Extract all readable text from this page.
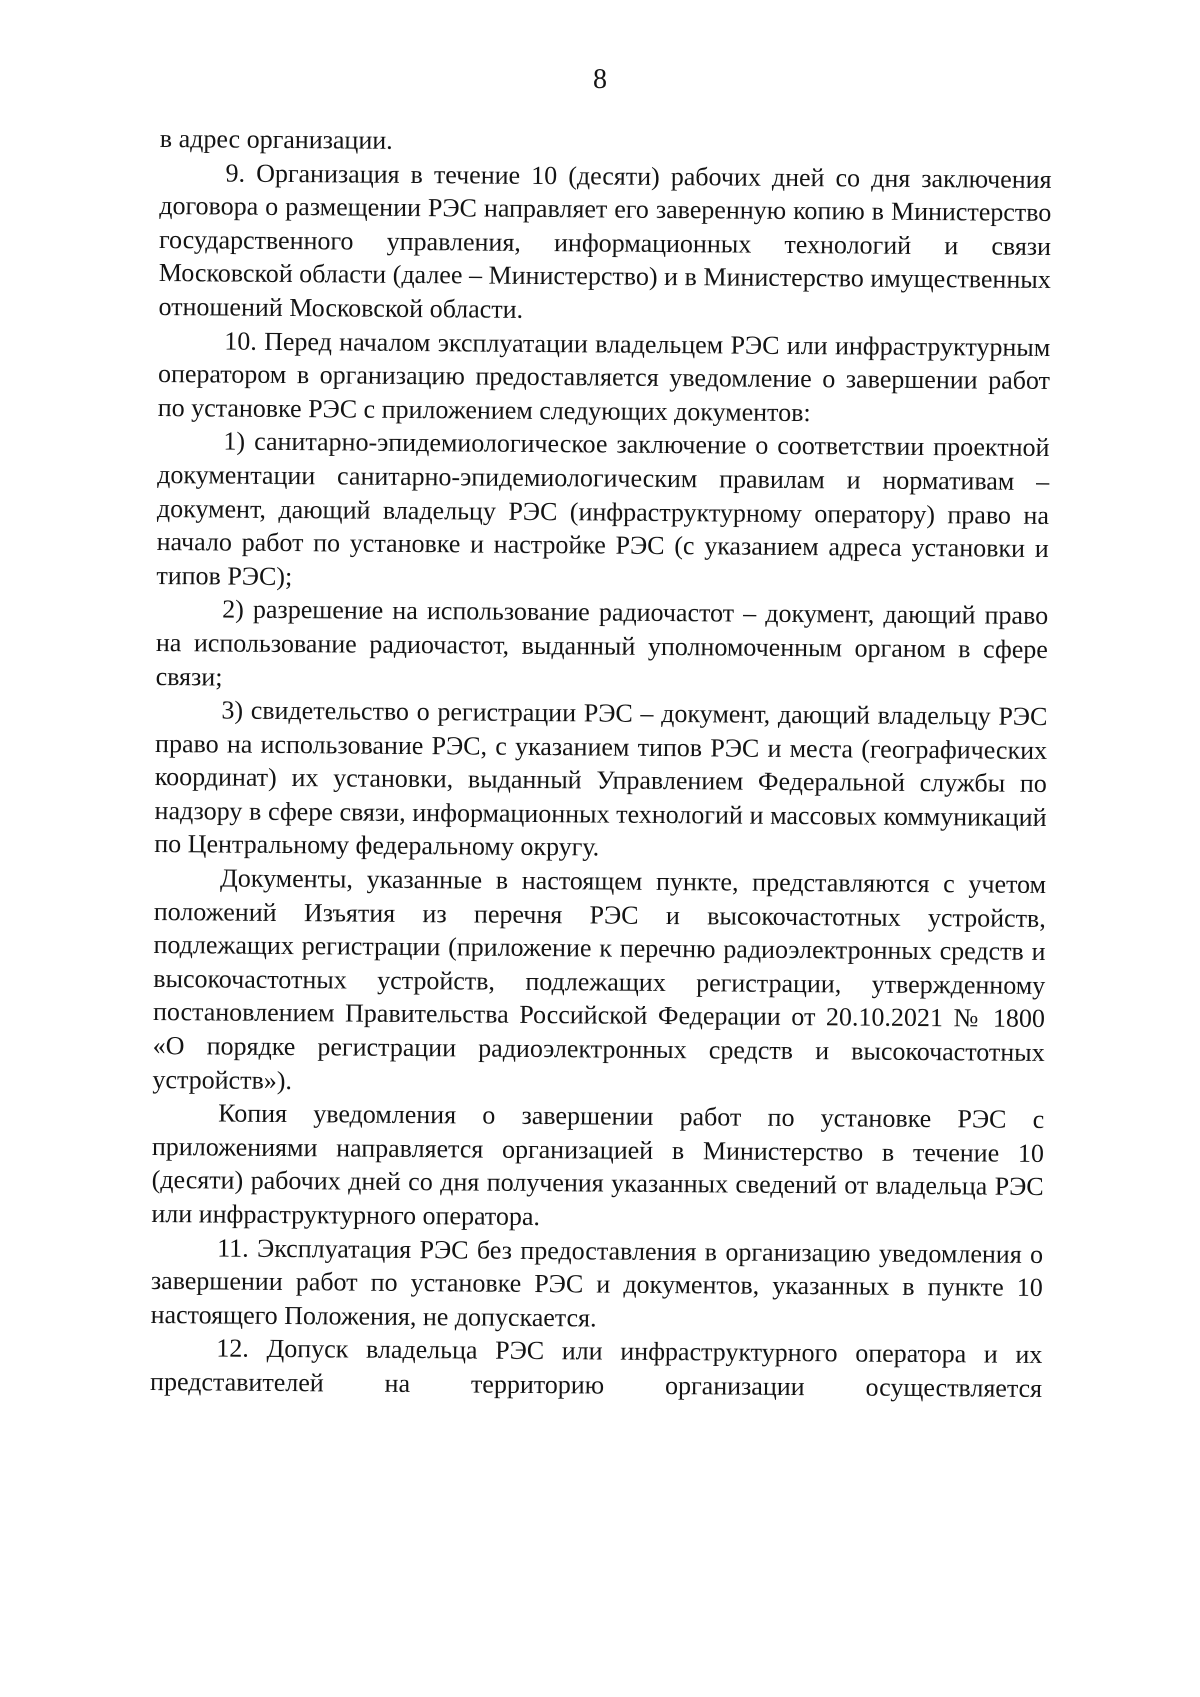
8

в адрес организации.

9. Организация в течение 10 (десяти) рабочих дней со дня заключения договора о размещении РЭС направляет его заверенную копию в Министерство государственного управления, информационных технологий и связи Московской области (далее – Министерство) и в Министерство имущественных отношений Московской области.

10. Перед началом эксплуатации владельцем РЭС или инфраструктурным оператором в организацию предоставляется уведомление о завершении работ по установке РЭС с приложением следующих документов:

1) санитарно-эпидемиологическое заключение о соответствии проектной документации санитарно-эпидемиологическим правилам и нормативам – документ, дающий владельцу РЭС (инфраструктурному оператору) право на начало работ по установке и настройке РЭС (с указанием адреса установки и типов РЭС);

2) разрешение на использование радиочастот – документ, дающий право на использование радиочастот, выданный уполномоченным органом в сфере связи;

3) свидетельство о регистрации РЭС – документ, дающий владельцу РЭС право на использование РЭС, с указанием типов РЭС и места (географических координат) их установки, выданный Управлением Федеральной службы по надзору в сфере связи, информационных технологий и массовых коммуникаций по Центральному федеральному округу.

Документы, указанные в настоящем пункте, представляются с учетом положений Изъятия из перечня РЭС и высокочастотных устройств, подлежащих регистрации (приложение к перечню радиоэлектронных средств и высокочастотных устройств, подлежащих регистрации, утвержденному постановлением Правительства Российской Федерации от 20.10.2021 № 1800 «О порядке регистрации радиоэлектронных средств и высокочастотных устройств»).

Копия уведомления о завершении работ по установке РЭС с приложениями направляется организацией в Министерство в течение 10 (десяти) рабочих дней со дня получения указанных сведений от владельца РЭС или инфраструктурного оператора.

11. Эксплуатация РЭС без предоставления в организацию уведомления о завершении работ по установке РЭС и документов, указанных в пункте 10 настоящего Положения, не допускается.

12. Допуск владельца РЭС или инфраструктурного оператора и их представителей на территорию организации осуществляется
